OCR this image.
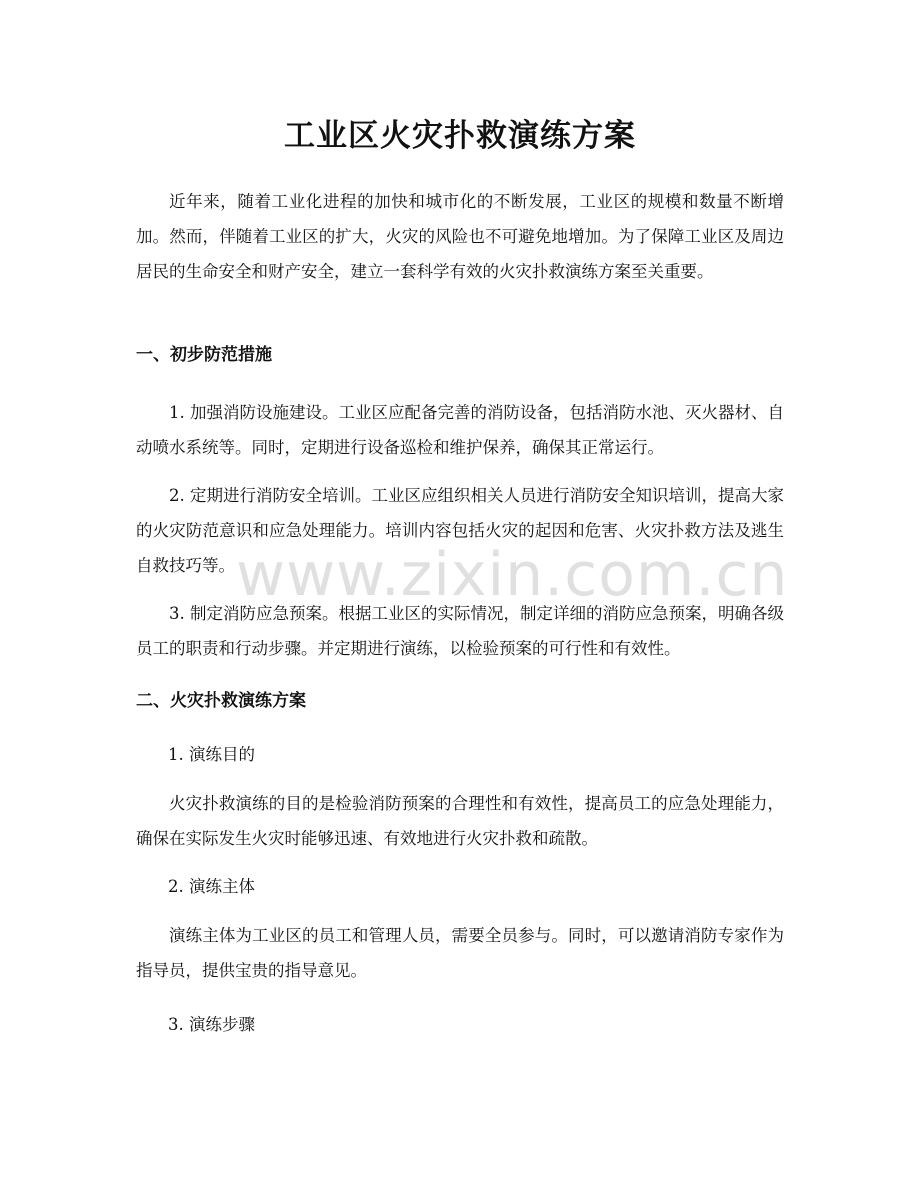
工业区火灾扑救演练方案

近年来，随着工业化进程的加快和城市化的不断发展，工业区的规模和数量不断增加。然而，伴随着工业区的扩大，火灾的风险也不可避免地增加。为了保障工业区及周边居民的生命安全和财产安全，建立一套科学有效的火灾扑救演练方案至关重要。

一、初步防范措施

1. 加强消防设施建设。工业区应配备完善的消防设备，包括消防水池、灭火器材、自动喷水系统等。同时，定期进行设备巡检和维护保养，确保其正常运行。

2. 定期进行消防安全培训。工业区应组织相关人员进行消防安全知识培训，提高大家的火灾防范意识和应急处理能力。培训内容包括火灾的起因和危害、火灾扑救方法及逃生自救技巧等。

3. 制定消防应急预案。根据工业区的实际情况，制定详细的消防应急预案，明确各级员工的职责和行动步骤。并定期进行演练，以检验预案的可行性和有效性。

二、火灾扑救演练方案

1. 演练目的

火灾扑救演练的目的是检验消防预案的合理性和有效性，提高员工的应急处理能力，确保在实际发生火灾时能够迅速、有效地进行火灾扑救和疏散。

2. 演练主体

演练主体为工业区的员工和管理人员，需要全员参与。同时，可以邀请消防专家作为指导员，提供宝贵的指导意见。

3. 演练步骤

www.zixin.com.cn
